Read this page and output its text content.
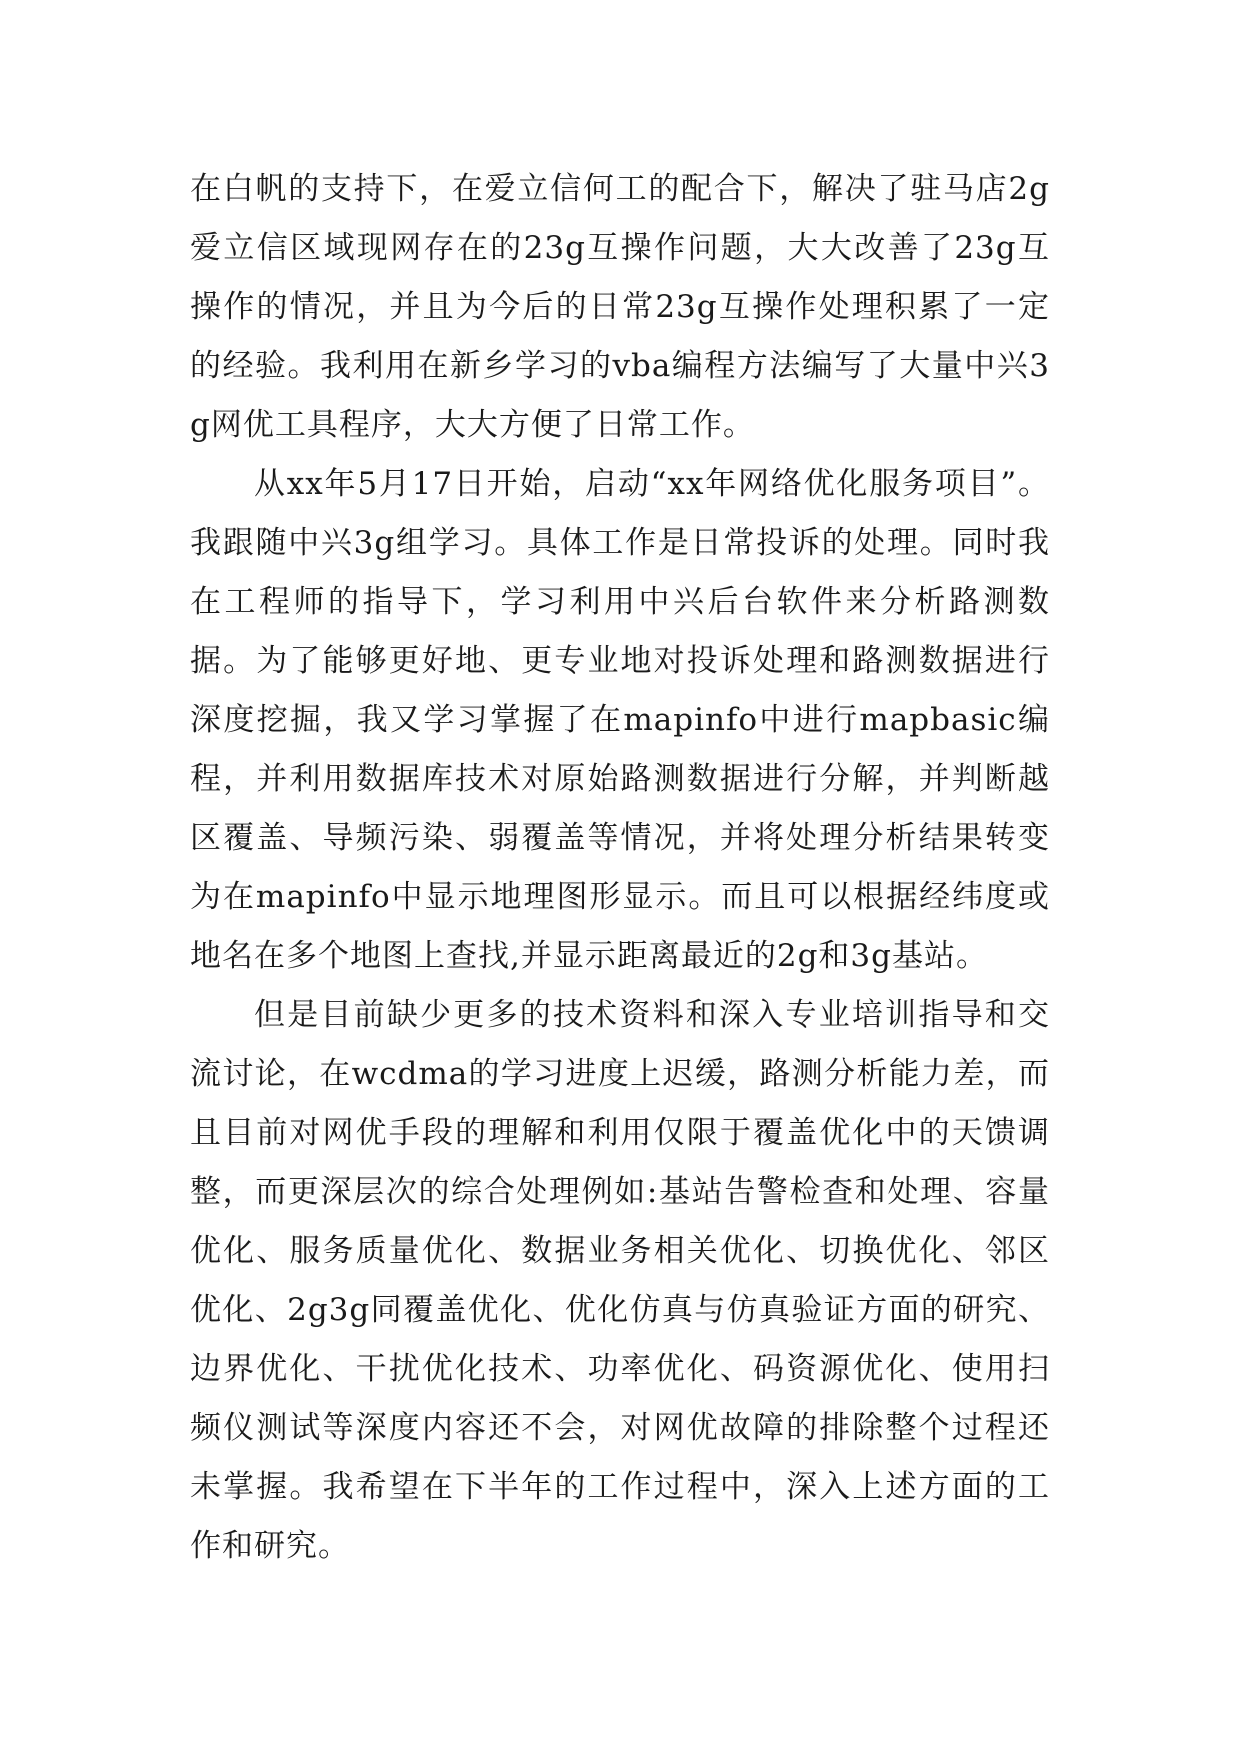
在白帆的支持下，在爱立信何工的配合下，解决了驻马店2g爱立信区域现网存在的23g互操作问题，大大改善了23g互操作的情况，并且为今后的日常23g互操作处理积累了一定的经验。我利用在新乡学习的vba编程方法编写了大量中兴3g网优工具程序，大大方便了日常工作。

从xx年5月17日开始，启动“xx年网络优化服务项目”。 我跟随中兴3g组学习。具体工作是日常投诉的处理。同时我在工程师的指导下，学习利用中兴后台软件来分析路测数据。为了能够更好地、更专业地对投诉处理和路测数据进行深度挖掘，我又学习掌握了在mapinfo中进行mapbasic编程，并利用数据库技术对原始路测数据进行分解，并判断越区覆盖、导频污染、弱覆盖等情况，并将处理分析结果转变为在mapinfo中显示地理图形显示。而且可以根据经纬度或地名在多个地图上查找,并显示距离最近的2g和3g基站。

但是目前缺少更多的技术资料和深入专业培训指导和交流讨论，在wcdma的学习进度上迟缓，路测分析能力差，而且目前对网优手段的理解和利用仅限于覆盖优化中的天馈调整，而更深层次的综合处理例如:基站告警检查和处理、容量优化、服务质量优化、数据业务相关优化、切换优化、邻区优化、2g3g同覆盖优化、优化仿真与仿真验证方面的研究、边界优化、干扰优化技术、功率优化、码资源优化、使用扫频仪测试等深度内容还不会，对网优故障的排除整个过程还未掌握。我希望在下半年的工作过程中，深入上述方面的工作和研究。
